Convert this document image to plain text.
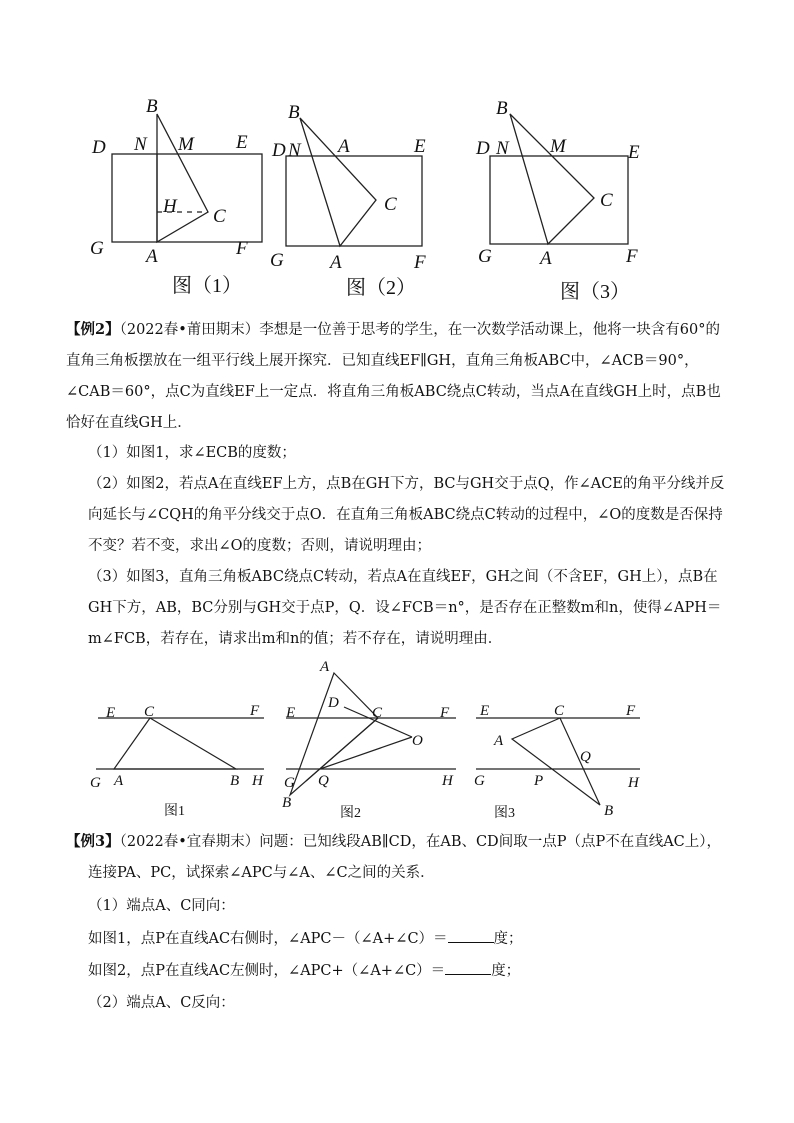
B
D N M E
H C
G A	F
图（1）
B
D N A	E
C
G A	F
图（2）
B
D N M	E
C
G	A	F
图（3）

【例2】（2022春•莆田期末）李想是一位善于思考的学生，在一次数学活动课上，他将一块含有60°的直角三角板摆放在一组平行线上展开探究．已知直线EF∥GH，直角三角板ABC中，∠ACB＝90°，∠CAB＝60°，点C为直线EF上一定点．将直角三角板ABC绕点C转动，当点A在直线GH上时，点B也恰好在直线GH上．

（1）如图1，求∠ECB的度数；

（2）如图2，若点A在直线EF上方，点B在GH下方，BC与GH交于点Q，作∠ACE的角平分线并反向延长与∠CQH的角平分线交于点O．在直角三角板ABC绕点C转动的过程中，∠O的度数是否保持不变？若不变，求出∠O的度数；否则，请说明理由；

（3）如图3，直角三角板ABC绕点C转动，若点A在直线EF，GH之间（不含EF，GH上），点B在GH下方，AB，BC分别与GH交于点P，Q．设∠FCB＝n°，是否存在正整数m和n，使得∠APH＝m∠FCB，若存在，请求出m和n的值；若不存在，请说明理由．

E C	F
G A	B H
图1
A
D
E	C	F
O
G Q	H
B
图2
E	C	F
A
Q
G	P	H
B
图3
【例3】（2022春•宜春期末）问题：已知线段AB∥CD，在AB、CD间取一点P（点P不在直线AC上），
连接PA、PC，试探索∠APC与∠A、∠C之间的关系．
（1）端点A、C同向：
如图1，点P在直线AC右侧时，∠APC－（∠A+∠C）＝	度；
如图2，点P在直线AC左侧时，∠APC+（∠A+∠C）＝	度；
（2）端点A、C反向：
